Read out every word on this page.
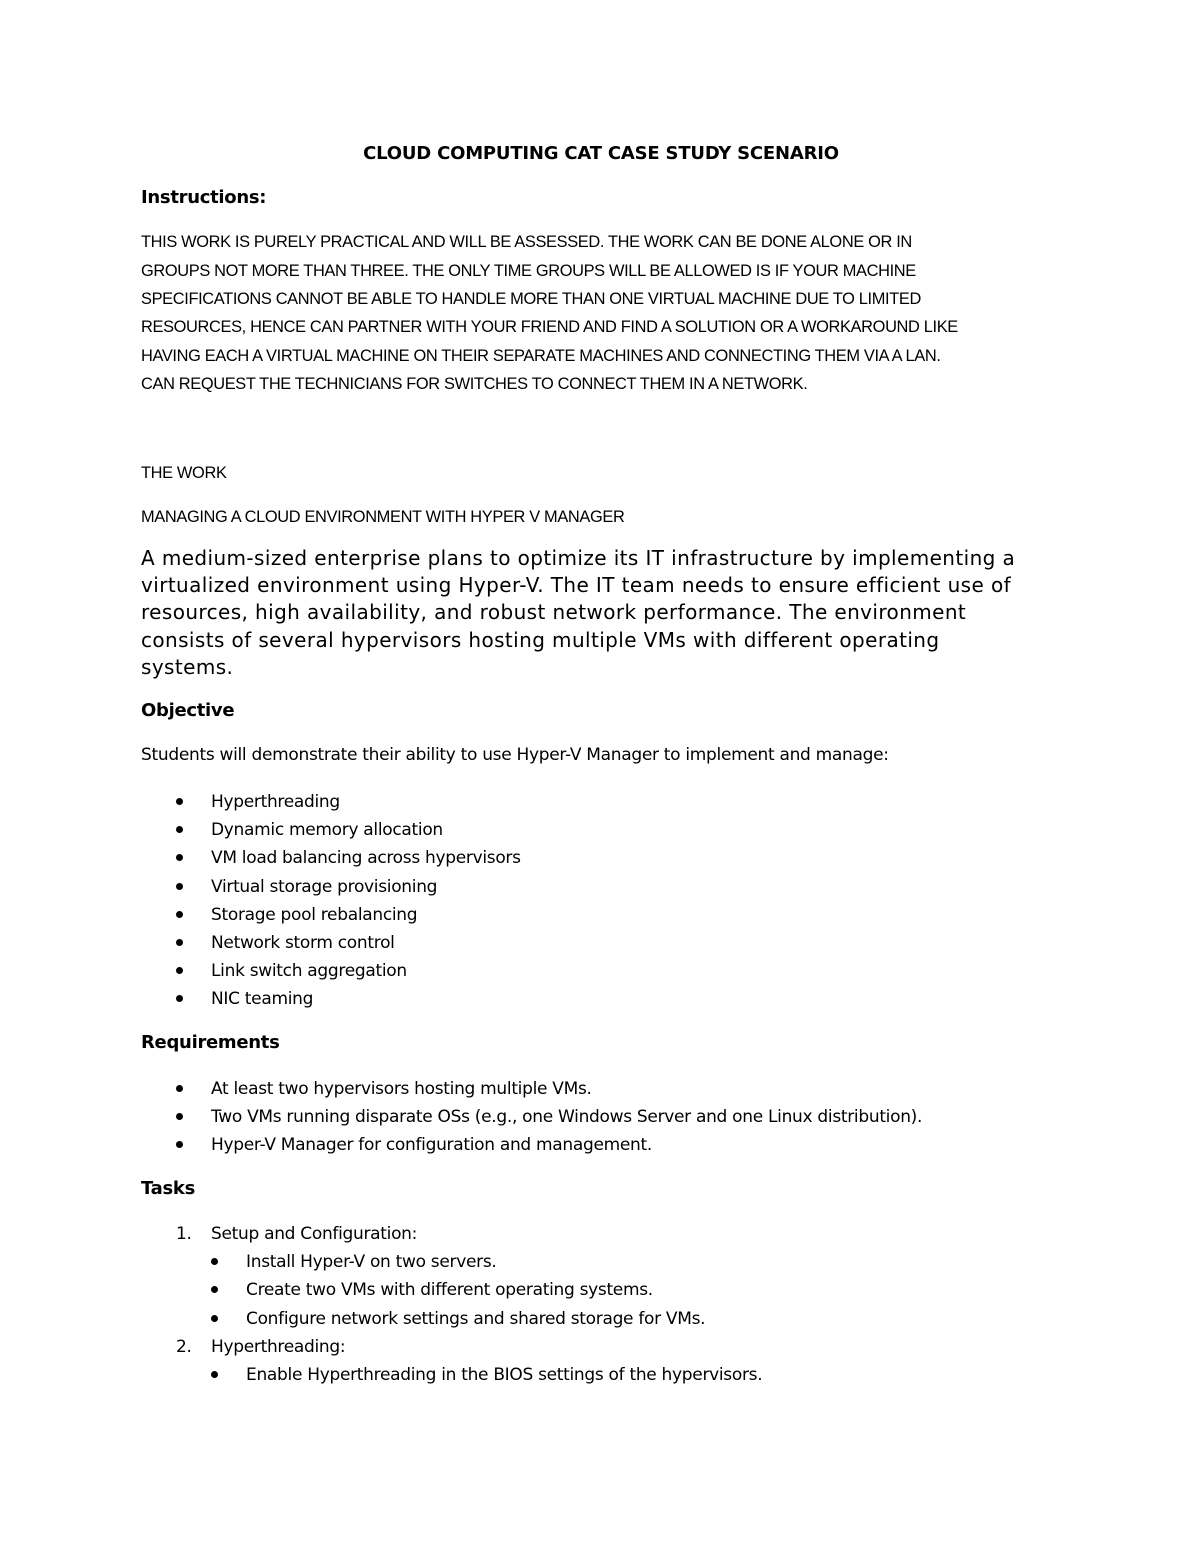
CLOUD COMPUTING CAT CASE STUDY SCENARIO
Instructions:

THIS WORK IS PURELY PRACTICAL AND WILL BE ASSESSED. THE WORK CAN BE DONE ALONE OR IN

GROUPS NOT MORE THAN THREE. THE ONLY TIME GROUPS WILL BE ALLOWED IS IF YOUR MACHINE

SPECIFICATIONS CANNOT BE ABLE TO HANDLE MORE THAN ONE VIRTUAL MACHINE DUE TO LIMITED

RESOURCES, HENCE CAN PARTNER WITH YOUR FRIEND AND FIND A SOLUTION OR A WORKAROUND LIKE

HAVING EACH A VIRTUAL MACHINE ON THEIR SEPARATE MACHINES AND CONNECTING THEM VIA A LAN.

CAN REQUEST THE TECHNICIANS FOR SWITCHES TO CONNECT THEM IN A NETWORK.

THE WORK

MANAGING A CLOUD ENVIRONMENT WITH HYPER V MANAGER

A medium-sized enterprise plans to optimize its IT infrastructure by implementing a
virtualized environment using Hyper-V. The IT team needs to ensure efficient use of
resources, high availability, and robust network performance. The environment
consists of several hypervisors hosting multiple VMs with different operating
systems.
Objective

Students will demonstrate their ability to use Hyper-V Manager to implement and manage:

Hyperthreading
Dynamic memory allocation
VM load balancing across hypervisors
Virtual storage provisioning
Storage pool rebalancing
Network storm control
Link switch aggregation
NIC teaming
Requirements
At least two hypervisors hosting multiple VMs.
Two VMs running disparate OSs (e.g., one Windows Server and one Linux distribution).
Hyper-V Manager for configuration and management.
Tasks
1. Setup and Configuration:
Install Hyper-V on two servers.
Create two VMs with different operating systems.
Configure network settings and shared storage for VMs.
2. Hyperthreading:
Enable Hyperthreading in the BIOS settings of the hypervisors.
